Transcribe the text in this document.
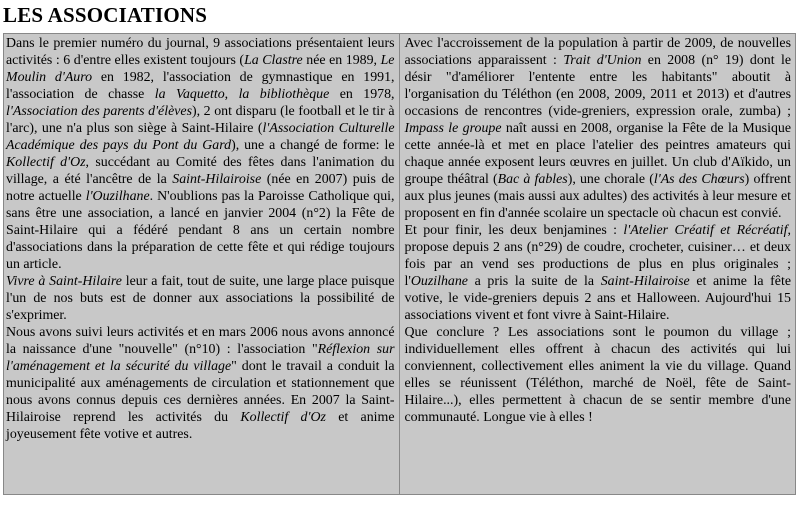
LES ASSOCIATIONS

Dans le premier numéro du journal, 9 associations présentaient leurs activités : 6 d'entre elles existent toujours (La Clastre née en 1989, Le Moulin d'Auro en 1982, l'association de gymnastique en 1991, l'association de chasse la Vaquetto, la bibliothèque en 1978, l'Association des parents d'élèves), 2 ont disparu (le football et le tir à l'arc), une n'a plus son siège à Saint-Hilaire (l'Association Culturelle Académique des pays du Pont du Gard), une a changé de forme: le Kollectif d'Oz, succédant au Comité des fêtes dans l'animation du village, a été l'ancêtre de la Saint-Hilairoise (née en 2007) puis de notre actuelle l'Ouzilhane. N'oublions pas la Paroisse Catholique qui, sans être une association, a lancé en janvier 2004 (n°2) la Fête de Saint-Hilaire qui a fédéré pendant 8 ans un certain nombre d'associations dans la préparation de cette fête et qui rédige toujours un article.

Vivre à Saint-Hilaire leur a fait, tout de suite, une large place puisque l'un de nos buts est de donner aux associations la possibilité de s'exprimer.

Nous avons suivi leurs activités et en mars 2006 nous avons annoncé la naissance d'une "nouvelle" (n°10) : l'association "Réflexion sur l'aménagement et la sécurité du village" dont le travail a conduit la municipalité aux aménagements de circulation et stationnement que nous avons connus depuis ces dernières années. En 2007 la Saint-Hilairoise reprend les activités du Kollectif d'Oz et anime joyeusement fête votive et autres.

Avec l'accroissement de la population à partir de 2009, de nouvelles associations apparaissent : Trait d'Union en 2008 (n° 19) dont le désir "d'améliorer l'entente entre les habitants" aboutit à l'organisation du Téléthon (en 2008, 2009, 2011 et 2013) et d'autres occasions de rencontres (vide-greniers, expression orale, zumba) ; Impass le groupe naît aussi en 2008, organise la Fête de la Musique cette année-là et met en place l'atelier des peintres amateurs qui chaque année exposent leurs œuvres en juillet. Un club d'Aïkido, un groupe théâtral (Bac à fables), une chorale (l'As des Chœurs) offrent aux plus jeunes (mais aussi aux adultes) des activités à leur mesure et proposent en fin d'année scolaire un spectacle où chacun est convié.

Et pour finir, les deux benjamines : l'Atelier Créatif et Récréatif, propose depuis 2 ans (n°29) de coudre, crocheter, cuisiner… et deux fois par an vend ses productions de plus en plus originales ; l'Ouzilhane a pris la suite de la Saint-Hilairoise et anime la fête votive, le vide-greniers depuis 2 ans et Halloween. Aujourd'hui 15 associations vivent et font vivre à Saint-Hilaire.

Que conclure ? Les associations sont le poumon du village ; individuellement elles offrent à chacun des activités qui lui conviennent, collectivement elles animent la vie du village. Quand elles se réunissent (Téléthon, marché de Noël, fête de Saint-Hilaire...), elles permettent à chacun de se sentir membre d'une communauté. Longue vie à elles !
